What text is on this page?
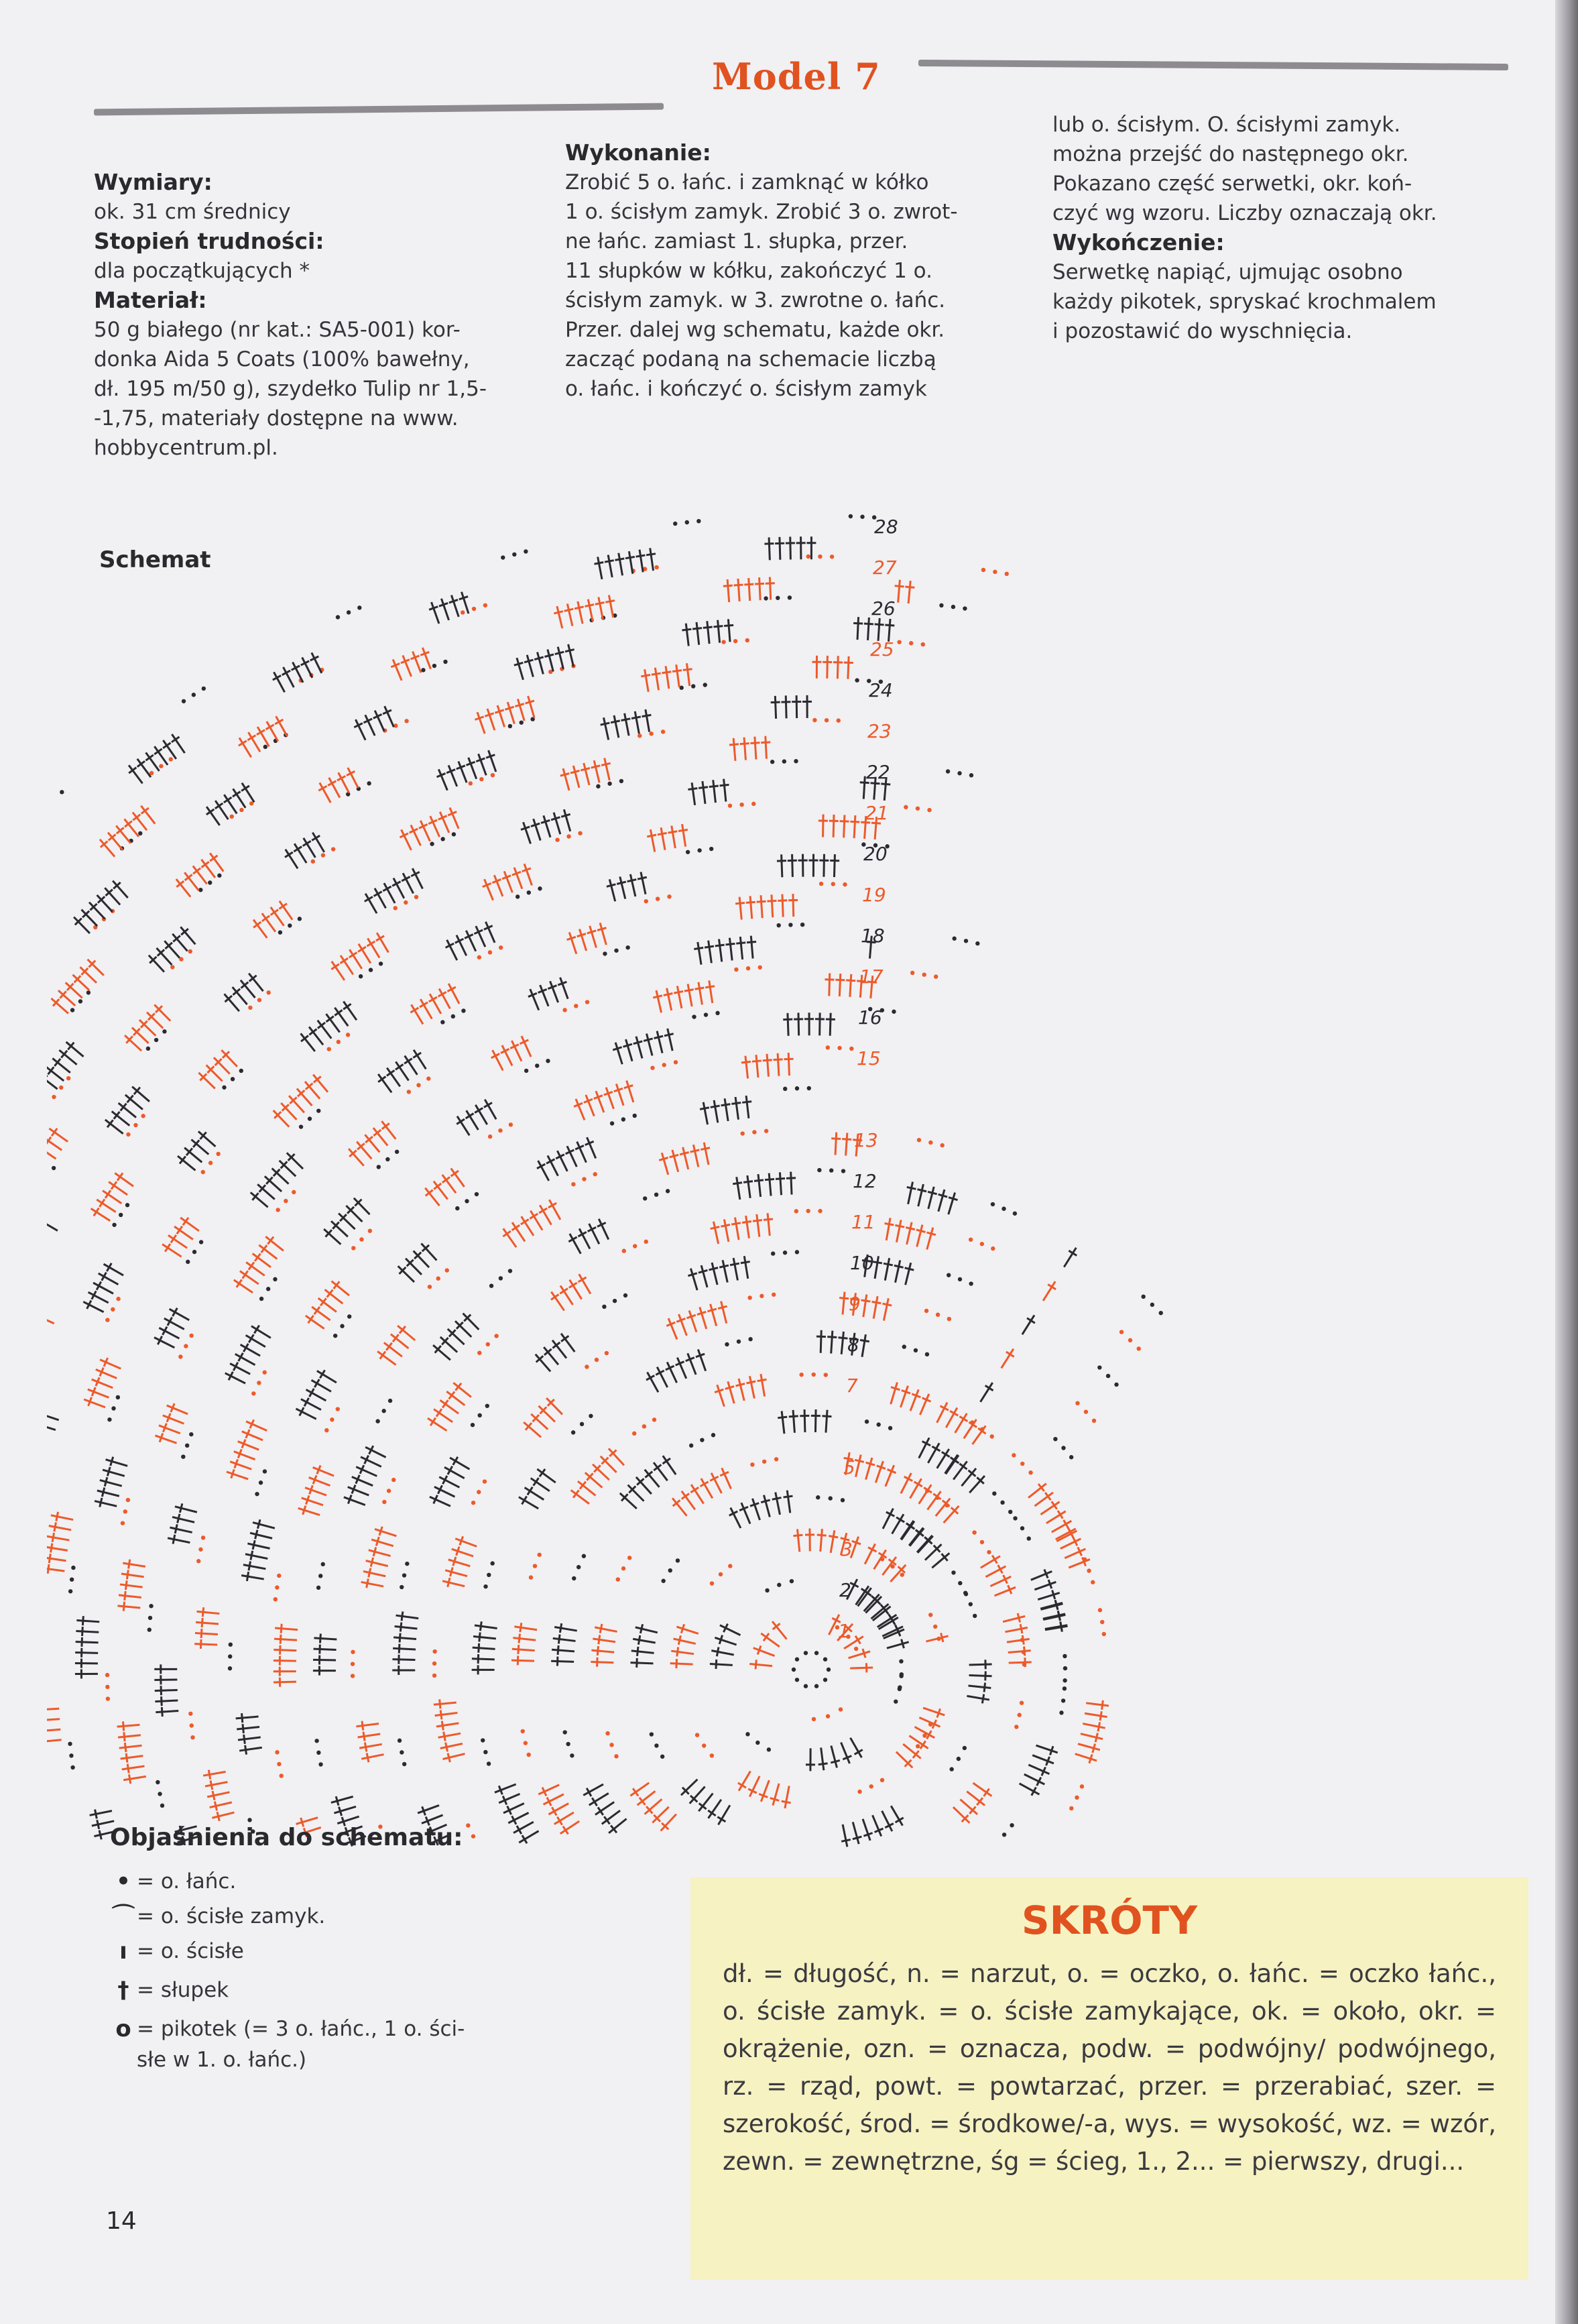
Model 7

Wymiary:

ok. 31 cm średnicy

Stopień trudności:

dla początkujących *

Materiał:

50 g białego (nr kat.: SA5-001) kor-

donka Aida 5 Coats (100% bawełny,

dł. 195 m/50 g), szydełko Tulip nr 1,5-

-1,75, materiały dostępne na www.

hobbycentrum.pl.

Wykonanie:

Zrobić 5 o. łańc. i zamknąć w kółko

1 o. ścisłym zamyk. Zrobić 3 o. zwrot-

ne łańc. zamiast 1. słupka, przer.

11 słupków w kółku, zakończyć 1 o.

ścisłym zamyk. w 3. zwrotne o. łańc.

Przer. dalej wg schematu, każde okr.

zacząć podaną na schemacie liczbą

o. łańc. i kończyć o. ścisłym zamyk

lub o. ścisłym. O. ścisłymi zamyk.

można przejść do następnego okr.

Pokazano część serwetki, okr. koń-

czyć wg wzoru. Liczby oznaczają okr.

Wykończenie:

Serwetkę napiąć, ujmując osobno

każdy pikotek, spryskać krochmalem

i pozostawić do wyschnięcia.

Schemat
1
2
3
5
7
8
9
10
11
12
13
15
16
17
18
19
20
21
22
23
24
25
26
27
28
Objaśnienia do schematu:
• = o. łańc.
⌒ = o. ścisłe zamyk.
ı = o. ścisłe
† = słupek
o = pikotek (= 3 o. łańc., 1 o. ści-
słe w 1. o. łańc.)
SKRÓTY
dł. = długość, n. = narzut, o. = oczko, o. łańc. = oczko łańc., o. ścisłe zamyk. = o. ścisłe zamykające, ok. = około, okr. = okrążenie, ozn. = oznacza, podw. = podwójny/ podwójnego, rz. = rząd, powt. = powtarzać, przer. = przerabiać, szer. = szerokość, środ. = środkowe/-a, wys. = wysokość, wz. = wzór, zewn. = zewnętrzne, śg = ścieg, 1., 2... = pierwszy, drugi...
14
